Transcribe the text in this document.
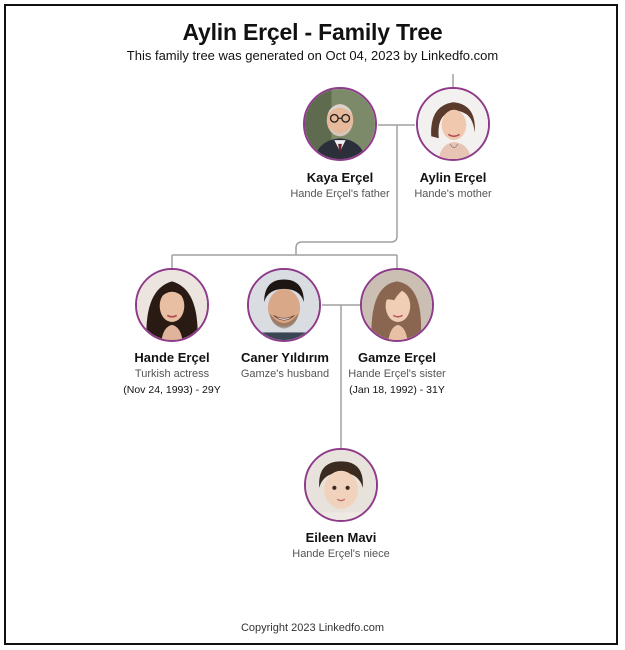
Aylin Erçel - Family Tree
This family tree was generated on Oct 04, 2023 by Linkedfo.com
Kaya Erçel
Hande Erçel's father
Aylin Erçel
Hande's mother
Hande Erçel
Turkish actress
(Nov 24, 1993) - 29Y
Caner Yıldırım
Gamze's husband
Gamze Erçel
Hande Erçel's sister
(Jan 18, 1992) - 31Y
Eileen Mavi
Hande Erçel's niece
Copyright 2023 Linkedfo.com
